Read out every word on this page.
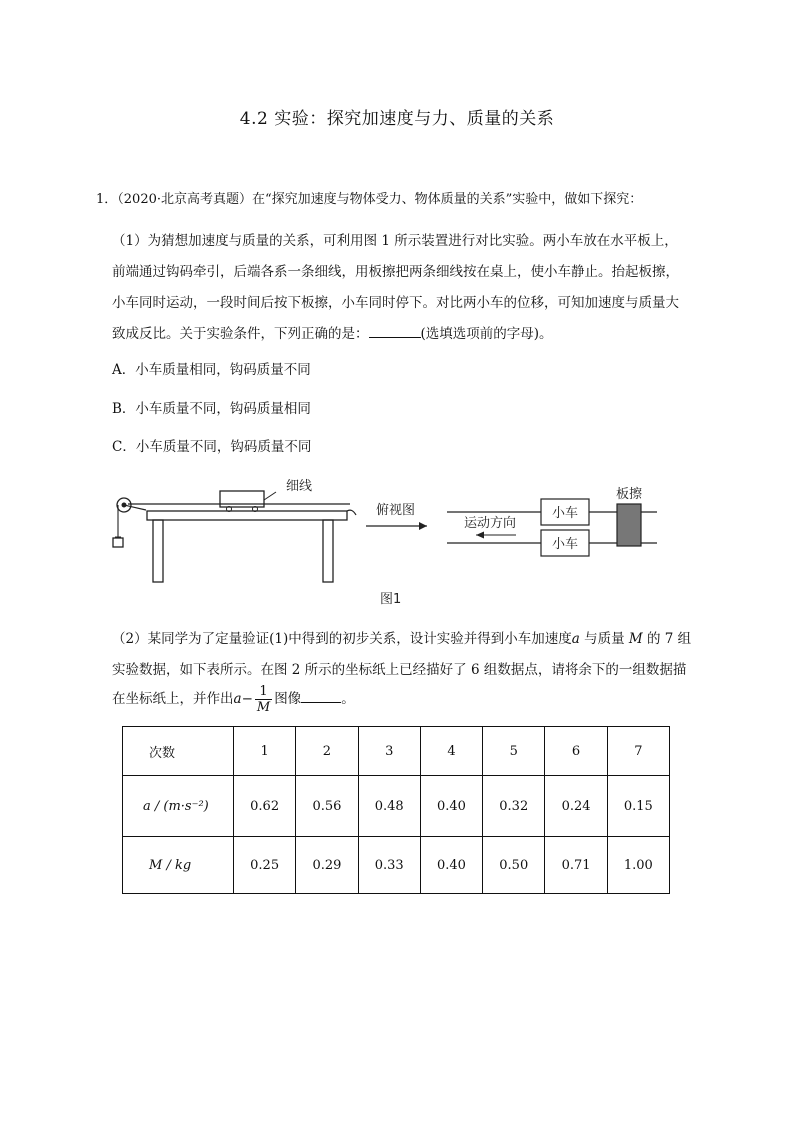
4.2 实验：探究加速度与力、质量的关系
1．（2020·北京高考真题）在“探究加速度与物体受力、物体质量的关系”实验中，做如下探究：
（1）为猜想加速度与质量的关系，可利用图 1 所示装置进行对比实验。两小车放在水平板上，
前端通过钩码牵引，后端各系一条细线，用板擦把两条细线按在桌上，使小车静止。抬起板擦，
小车同时运动，一段时间后按下板擦，小车同时停下。对比两小车的位移，可知加速度与质量大
致成反比。关于实验条件，下列正确的是：	(选填选项前的字母)。
A．小车质量相同，钩码质量不同
B．小车质量不同，钩码质量相同
C．小车质量不同，钩码质量不同
细线
俯视图	小车
小车
板擦
运动方向
图1
（2）某同学为了定量验证(1)中得到的初步关系，设计实验并得到小车加速度a 与质量 M 的 7 组
实验数据，如下表所示。在图 2 所示的坐标纸上已经描好了 6 组数据点，请将余下的一组数据描
在坐标纸上，并作出$a- \frac{1}{M}$ 图像	。
次数	1	2	3	4	5	6	7
a / (m·s⁻²)	0.62	0.56	0.48	0.40	0.32	0.24	0.15
M / kg	0.25	0.29	0.33	0.40	0.50	0.71	1.00
